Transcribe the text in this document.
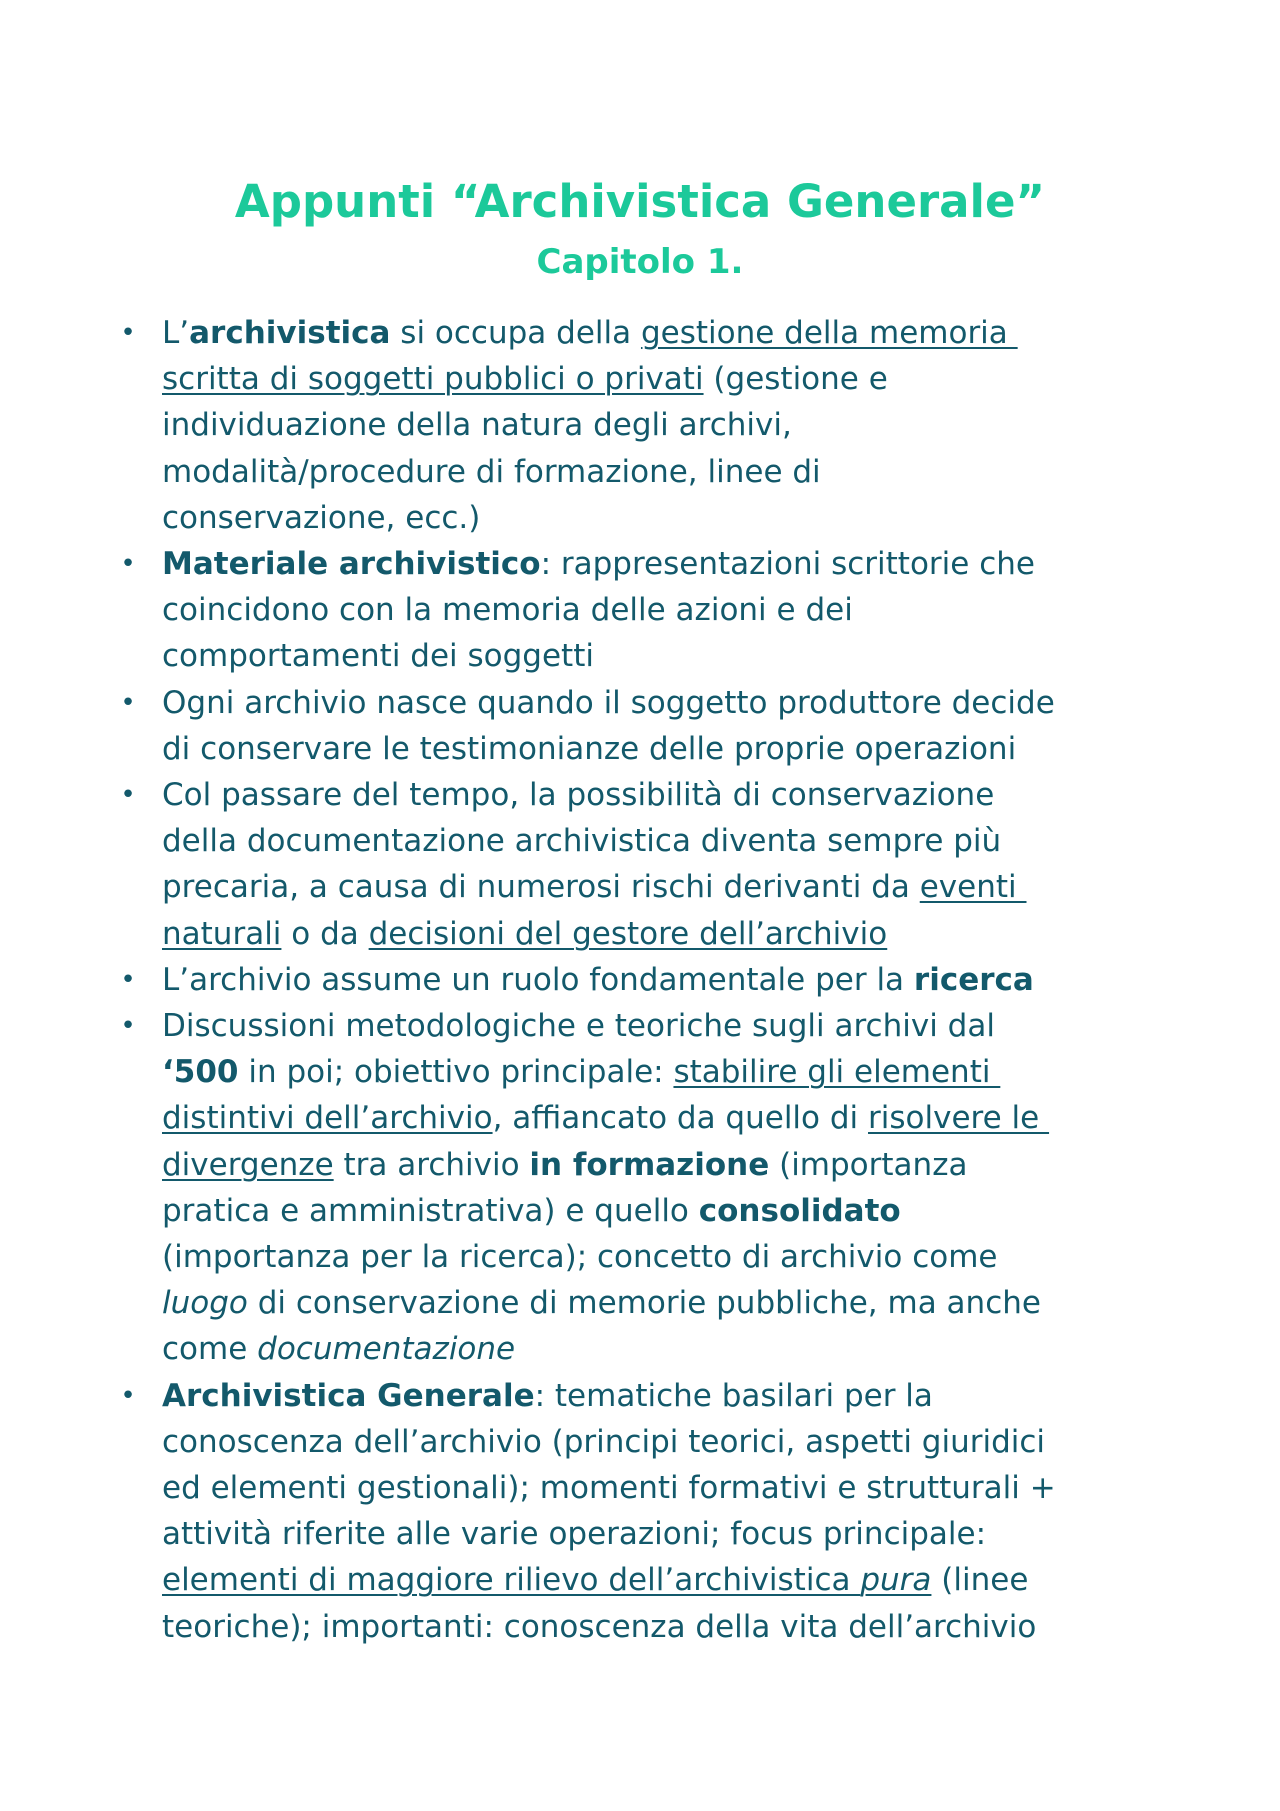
Appunti “Archivistica Generale”
Capitolo 1.
• L’archivistica si occupa della gestione della memoria
scritta di soggetti pubblici o privati (gestione e
individuazione della natura degli archivi,
modalità/procedure di formazione, linee di
conservazione, ecc.)
• Materiale archivistico: rappresentazioni scrittorie che
coincidono con la memoria delle azioni e dei
comportamenti dei soggetti
• Ogni archivio nasce quando il soggetto produttore decide
di conservare le testimonianze delle proprie operazioni
• Col passare del tempo, la possibilità di conservazione
della documentazione archivistica diventa sempre più
precaria, a causa di numerosi rischi derivanti da eventi
naturali o da decisioni del gestore dell’archivio
• L’archivio assume un ruolo fondamentale per la ricerca
• Discussioni metodologiche e teoriche sugli archivi dal
‘500 in poi; obiettivo principale: stabilire gli elementi
distintivi dell’archivio, affiancato da quello di risolvere le
divergenze tra archivio in formazione (importanza
pratica e amministrativa) e quello consolidato
(importanza per la ricerca); concetto di archivio come
luogo di conservazione di memorie pubbliche, ma anche
come documentazione
• Archivistica Generale: tematiche basilari per la
conoscenza dell’archivio (principi teorici, aspetti giuridici
ed elementi gestionali); momenti formativi e strutturali +
attività riferite alle varie operazioni; focus principale:
elementi di maggiore rilievo dell’archivistica pura (linee
teoriche); importanti: conoscenza della vita dell’archivio
